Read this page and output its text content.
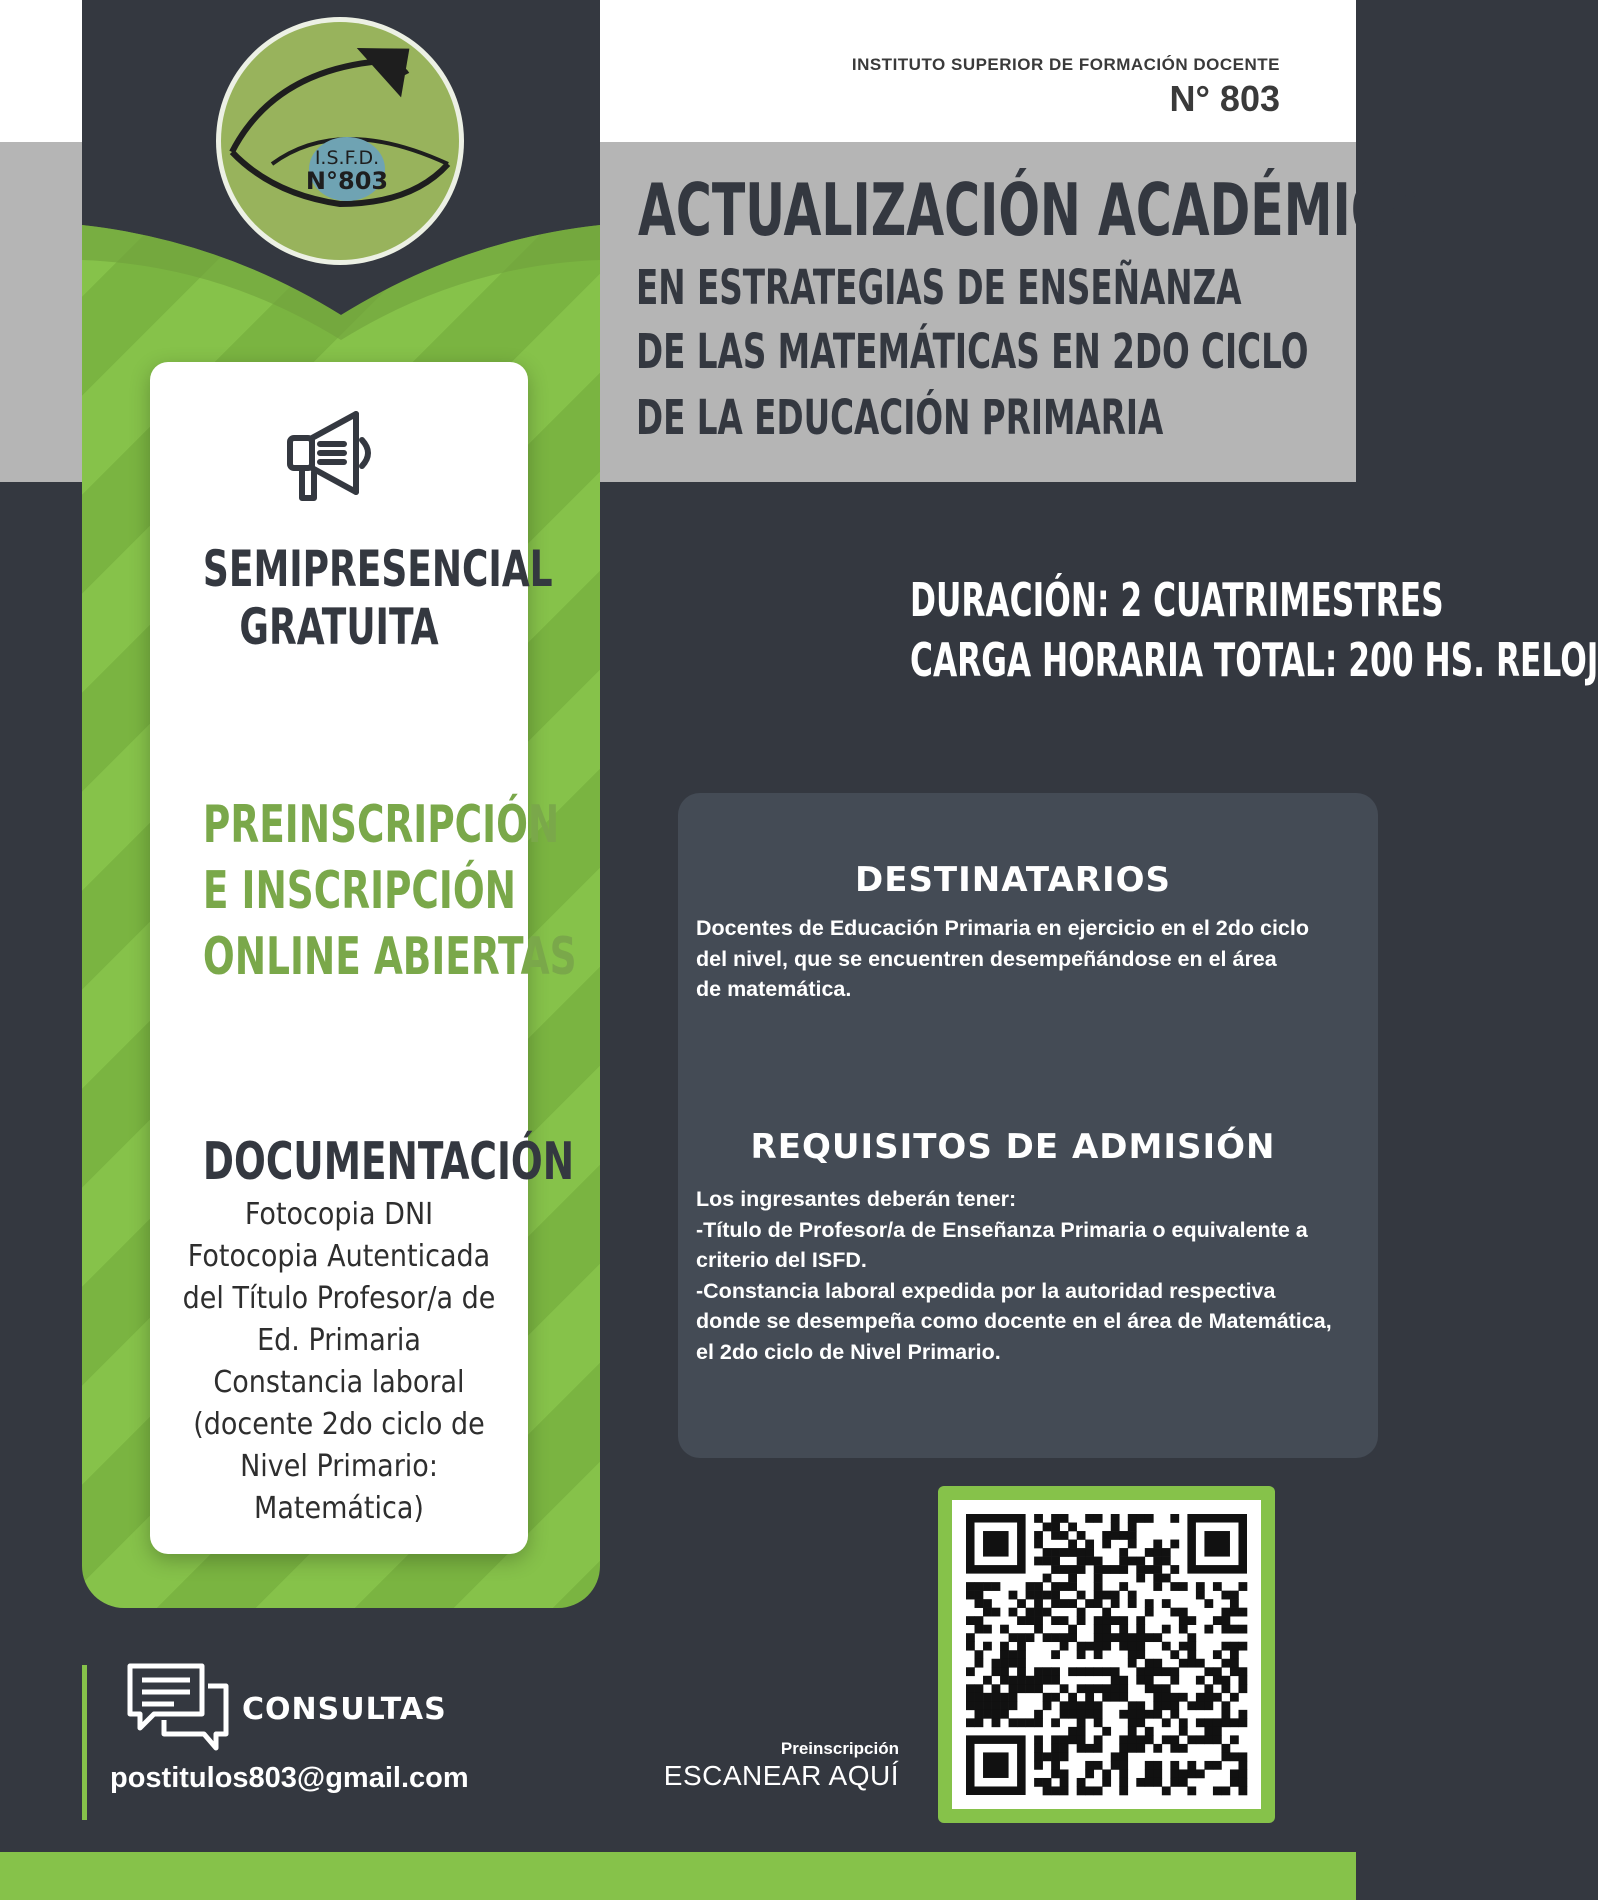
I.S.F.D.
N°803
INSTITUTO SUPERIOR DE FORMACIÓN DOCENTE
N° 803
ACTUALIZACIÓN ACADÉMICA
EN ESTRATEGIAS DE ENSEÑANZA
DE LAS MATEMÁTICAS EN 2DO CICLO
DE LA EDUCACIÓN PRIMARIA
DURACIÓN: 2 CUATRIMESTRES
CARGA HORARIA TOTAL: 200 HS. RELOJ
SEMIPRESENCIAL
GRATUITA
PREINSCRIPCIÓN
E INSCRIPCIÓN
ONLINE ABIERTAS
DOCUMENTACIÓN
Fotocopia DNI
Fotocopia Autenticada
del Título Profesor/a de
Ed. Primaria
Constancia laboral
(docente 2do ciclo de
Nivel Primario:
Matemática)
DESTINATARIOS
Docentes de Educación Primaria en ejercicio en el 2do ciclo
del nivel, que se encuentren desempeñándose en el área
de matemática.
REQUISITOS DE ADMISIÓN
Los ingresantes deberán tener:
-Título de Profesor/a de Enseñanza Primaria o equivalente a
criterio del ISFD.
-Constancia laboral expedida por la autoridad respectiva
donde se desempeña como docente en el área de Matemática,
el 2do ciclo de Nivel Primario.
CONSULTAS
postitulos803@gmail.com
Preinscripción
ESCANEAR AQUÍ
